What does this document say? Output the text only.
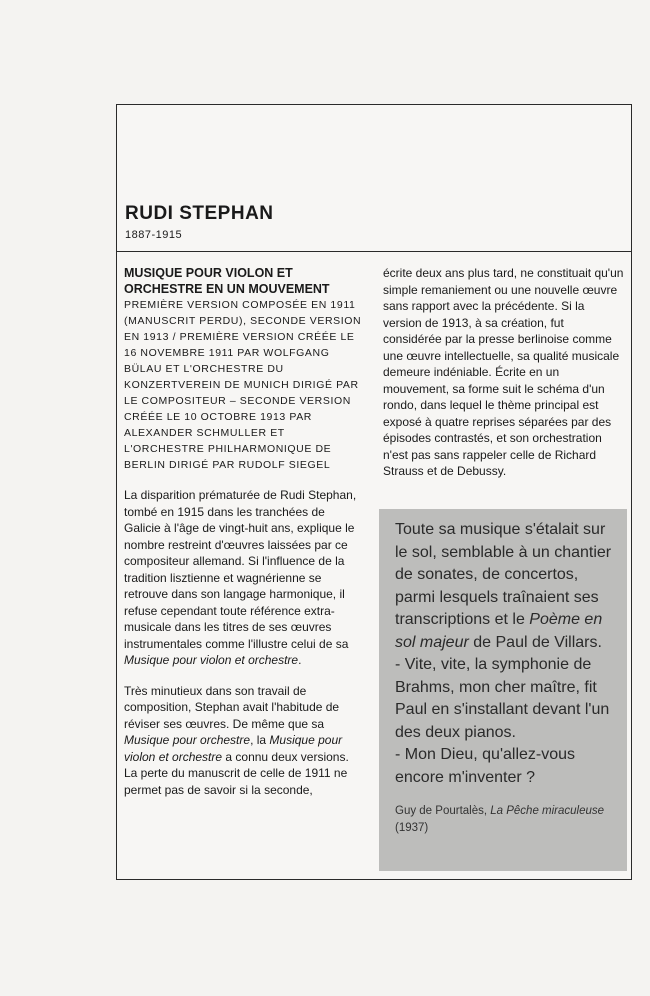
RUDI STEPHAN
1887-1915

MUSIQUE POUR VIOLON ET ORCHESTRE EN UN MOUVEMENT

PREMIÈRE VERSION COMPOSÉE EN 1911 (MANUSCRIT PERDU), SECONDE VERSION EN 1913 / PREMIÈRE VERSION CRÉÉE LE 16 NOVEMBRE 1911 PAR WOLFGANG BÜLAU ET L'ORCHESTRE DU KONZERTVEREIN DE MUNICH DIRIGÉ PAR LE COMPOSITEUR – SECONDE VERSION CRÉÉE LE 10 OCTOBRE 1913 PAR ALEXANDER SCHMULLER ET L'ORCHESTRE PHILHARMONIQUE DE BERLIN DIRIGÉ PAR RUDOLF SIEGEL

La disparition prématurée de Rudi Stephan, tombé en 1915 dans les tranchées de Galicie à l'âge de vingt-huit ans, explique le nombre restreint d'œuvres laissées par ce compositeur allemand. Si l'influence de la tradition lisztienne et wagnérienne se retrouve dans son langage harmonique, il refuse cependant toute référence extra-musicale dans les titres de ses œuvres instrumentales comme l'illustre celui de sa Musique pour violon et orchestre.

Très minutieux dans son travail de composition, Stephan avait l'habitude de réviser ses œuvres. De même que sa Musique pour orchestre, la Musique pour violon et orchestre a connu deux versions. La perte du manuscrit de celle de 1911 ne permet pas de savoir si la seconde,

écrite deux ans plus tard, ne constituait qu'un simple remaniement ou une nouvelle œuvre sans rapport avec la précédente. Si la version de 1913, à sa création, fut considérée par la presse berlinoise comme une œuvre intellectuelle, sa qualité musicale demeure indéniable. Écrite en un mouvement, sa forme suit le schéma d'un rondo, dans lequel le thème principal est exposé à quatre reprises séparées par des épisodes contrastés, et son orchestration n'est pas sans rappeler celle de Richard Strauss et de Debussy.

Toute sa musique s'étalait sur le sol, semblable à un chantier de sonates, de concertos, parmi lesquels traînaient ses transcriptions et le Poème en sol majeur de Paul de Villars.
- Vite, vite, la symphonie de Brahms, mon cher maître, fit Paul en s'installant devant l'un des deux pianos.
- Mon Dieu, qu'allez-vous encore m'inventer ?

Guy de Pourtalès, La Pêche miraculeuse (1937)
